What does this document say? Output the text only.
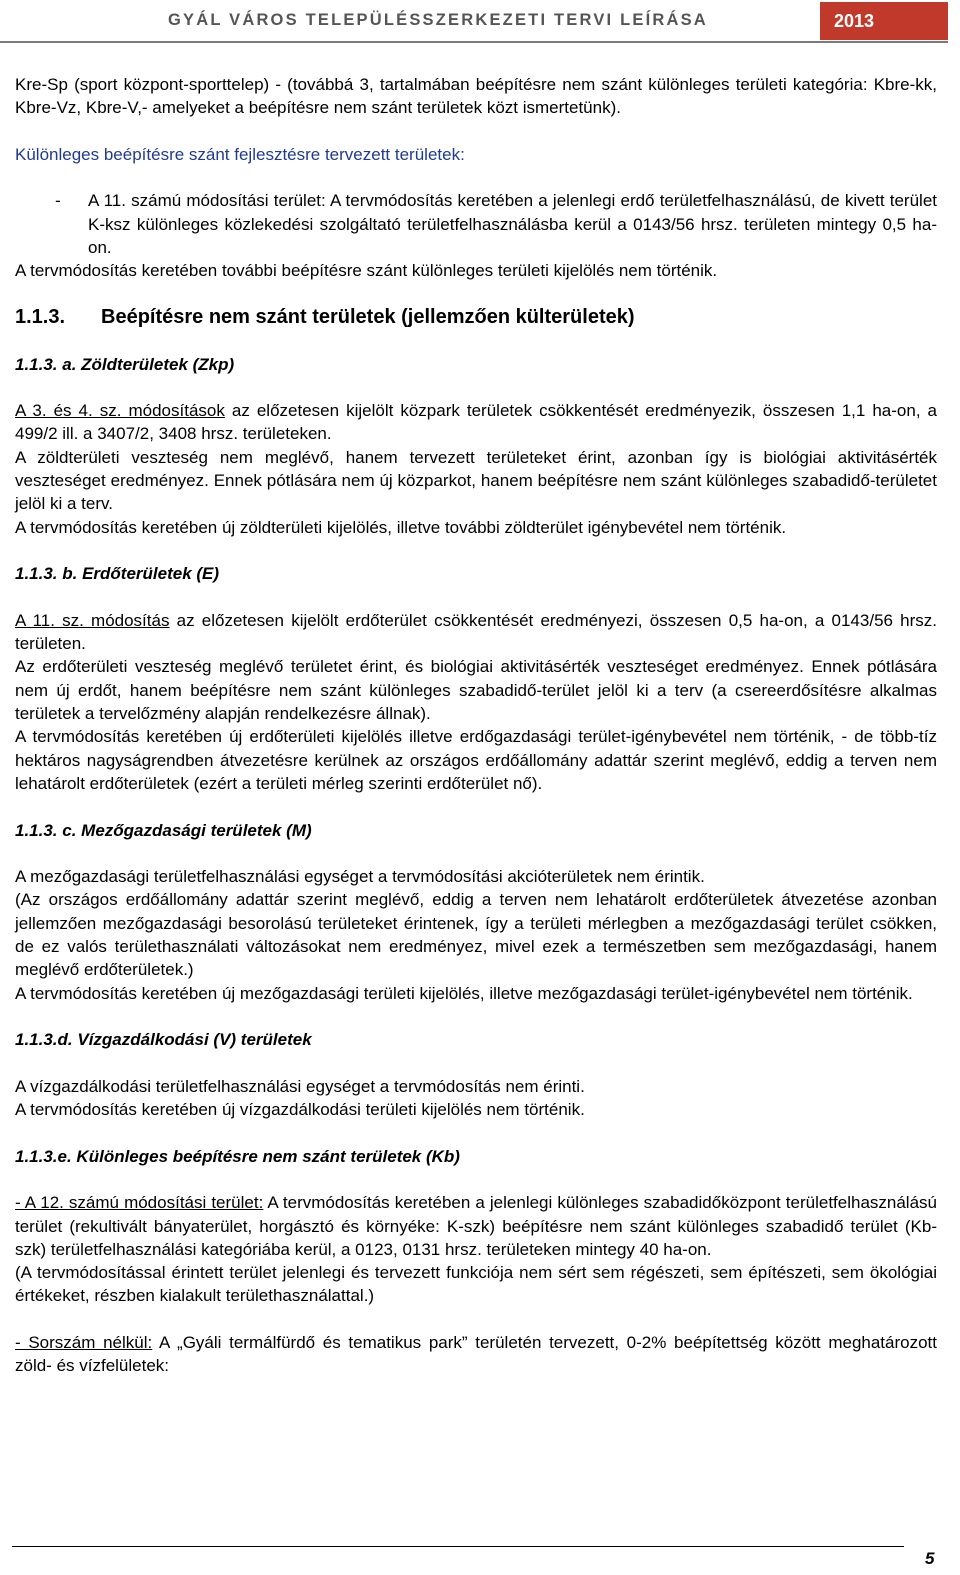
GYÁL VÁROS TELEPÜLÉSSZERKEZETI TERVI LEÍRÁSA	2013

Kre-Sp (sport központ-sporttelep) - (továbbá 3, tartalmában beépítésre nem szánt különleges területi kategória: Kbre-kk, Kbre-Vz, Kbre-V,- amelyeket a beépítésre nem szánt területek közt ismertetünk).

Különleges beépítésre szánt fejlesztésre tervezett területek:

-	A 11. számú módosítási terület: A tervmódosítás keretében a jelenlegi erdő területfelhasználású, de kivett terület K-ksz különleges közlekedési szolgáltató területfelhasználásba kerül a 0143/56 hrsz. területen mintegy 0,5 ha-on.

A tervmódosítás keretében további beépítésre szánt különleges területi kijelölés nem történik.

1.1.3. Beépítésre nem szánt területek (jellemzően külterületek)

1.1.3. a. Zöldterületek (Zkp)

A 3. és 4. sz. módosítások az előzetesen kijelölt közpark területek csökkentését eredményezik, összesen 1,1 ha-on, a 499/2 ill. a 3407/2, 3408 hrsz. területeken.

A zöldterületi veszteség nem meglévő, hanem tervezett területeket érint, azonban így is biológiai aktivitásérték veszteséget eredményez. Ennek pótlására nem új közparkot, hanem beépítésre nem szánt különleges szabadidő-területet jelöl ki a terv.

A tervmódosítás keretében új zöldterületi kijelölés, illetve további zöldterület igénybevétel nem történik.

1.1.3. b. Erdőterületek (E)

A 11. sz. módosítás az előzetesen kijelölt erdőterület csökkentését eredményezi, összesen 0,5 ha-on, a 0143/56 hrsz. területen.

Az erdőterületi veszteség meglévő területet érint, és biológiai aktivitásérték veszteséget eredményez. Ennek pótlására nem új erdőt, hanem beépítésre nem szánt különleges szabadidő-terület jelöl ki a terv (a csereerdősítésre alkalmas területek a tervelőzmény alapján rendelkezésre állnak).

A tervmódosítás keretében új erdőterületi kijelölés illetve erdőgazdasági terület-igénybevétel nem történik, - de több-tíz hektáros nagyságrendben átvezetésre kerülnek az országos erdőállomány adattár szerint meglévő, eddig a terven nem lehatárolt erdőterületek (ezért a területi mérleg szerinti erdőterület nő).

1.1.3. c. Mezőgazdasági területek (M)

A mezőgazdasági területfelhasználási egységet a tervmódosítási akcióterületek nem érintik.

(Az országos erdőállomány adattár szerint meglévő, eddig a terven nem lehatárolt erdőterületek átvezetése azonban jellemzően mezőgazdasági besorolású területeket érintenek, így a területi mérlegben a mezőgazdasági terület csökken, de ez valós területhasználati változásokat nem eredményez, mivel ezek a természetben sem mezőgazdasági, hanem meglévő erdőterületek.)

A tervmódosítás keretében új mezőgazdasági területi kijelölés, illetve mezőgazdasági terület-igénybevétel nem történik.

1.1.3.d. Vízgazdálkodási (V) területek

A vízgazdálkodási területfelhasználási egységet a tervmódosítás nem érinti.

A tervmódosítás keretében új vízgazdálkodási területi kijelölés nem történik.

1.1.3.e. Különleges beépítésre nem szánt területek (Kb)

- A 12. számú módosítási terület: A tervmódosítás keretében a jelenlegi különleges szabadidőközpont területfelhasználású terület (rekultivált bányaterület, horgásztó és környéke: K-szk) beépítésre nem szánt különleges szabadidő terület (Kb-szk) területfelhasználási kategóriába kerül, a 0123, 0131 hrsz. területeken mintegy 40 ha-on.

(A tervmódosítással érintett terület jelenlegi és tervezett funkciója nem sért sem régészeti, sem építészeti, sem ökológiai értékeket, részben kialakult területhasználattal.)

- Sorszám nélkül: A „Gyáli termálfürdő és tematikus park” területén tervezett, 0-2% beépítettség között meghatározott zöld- és vízfelületek:

5
